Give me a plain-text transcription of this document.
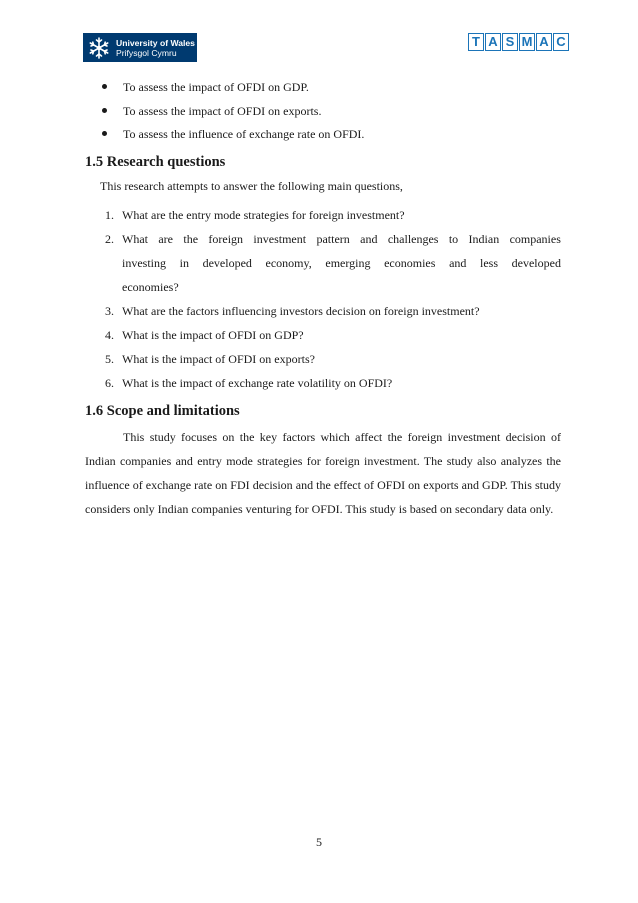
University of Wales
Prifysgol Cymru
T A S M A C
To assess the impact of OFDI on GDP.
To assess the impact of OFDI on exports.
To assess the influence of exchange rate on OFDI.
1.5 Research questions
This research attempts to answer the following main questions,
1. What are the entry mode strategies for foreign investment?
2. What are the foreign investment pattern and challenges to Indian companies
investing in developed economy, emerging economies and less developed
economies?
3. What are the factors influencing investors decision on foreign investment?
4. What is the impact of OFDI on GDP?
5. What is the impact of OFDI on exports?
6. What is the impact of exchange rate volatility on OFDI?
1.6 Scope and limitations

This study focuses on the key factors which affect the foreign investment decision of Indian companies and entry mode strategies for foreign investment. The study also analyzes the influence of exchange rate on FDI decision and the effect of OFDI on exports and GDP. This study considers only Indian companies venturing for OFDI. This study is based on secondary data only.

5
